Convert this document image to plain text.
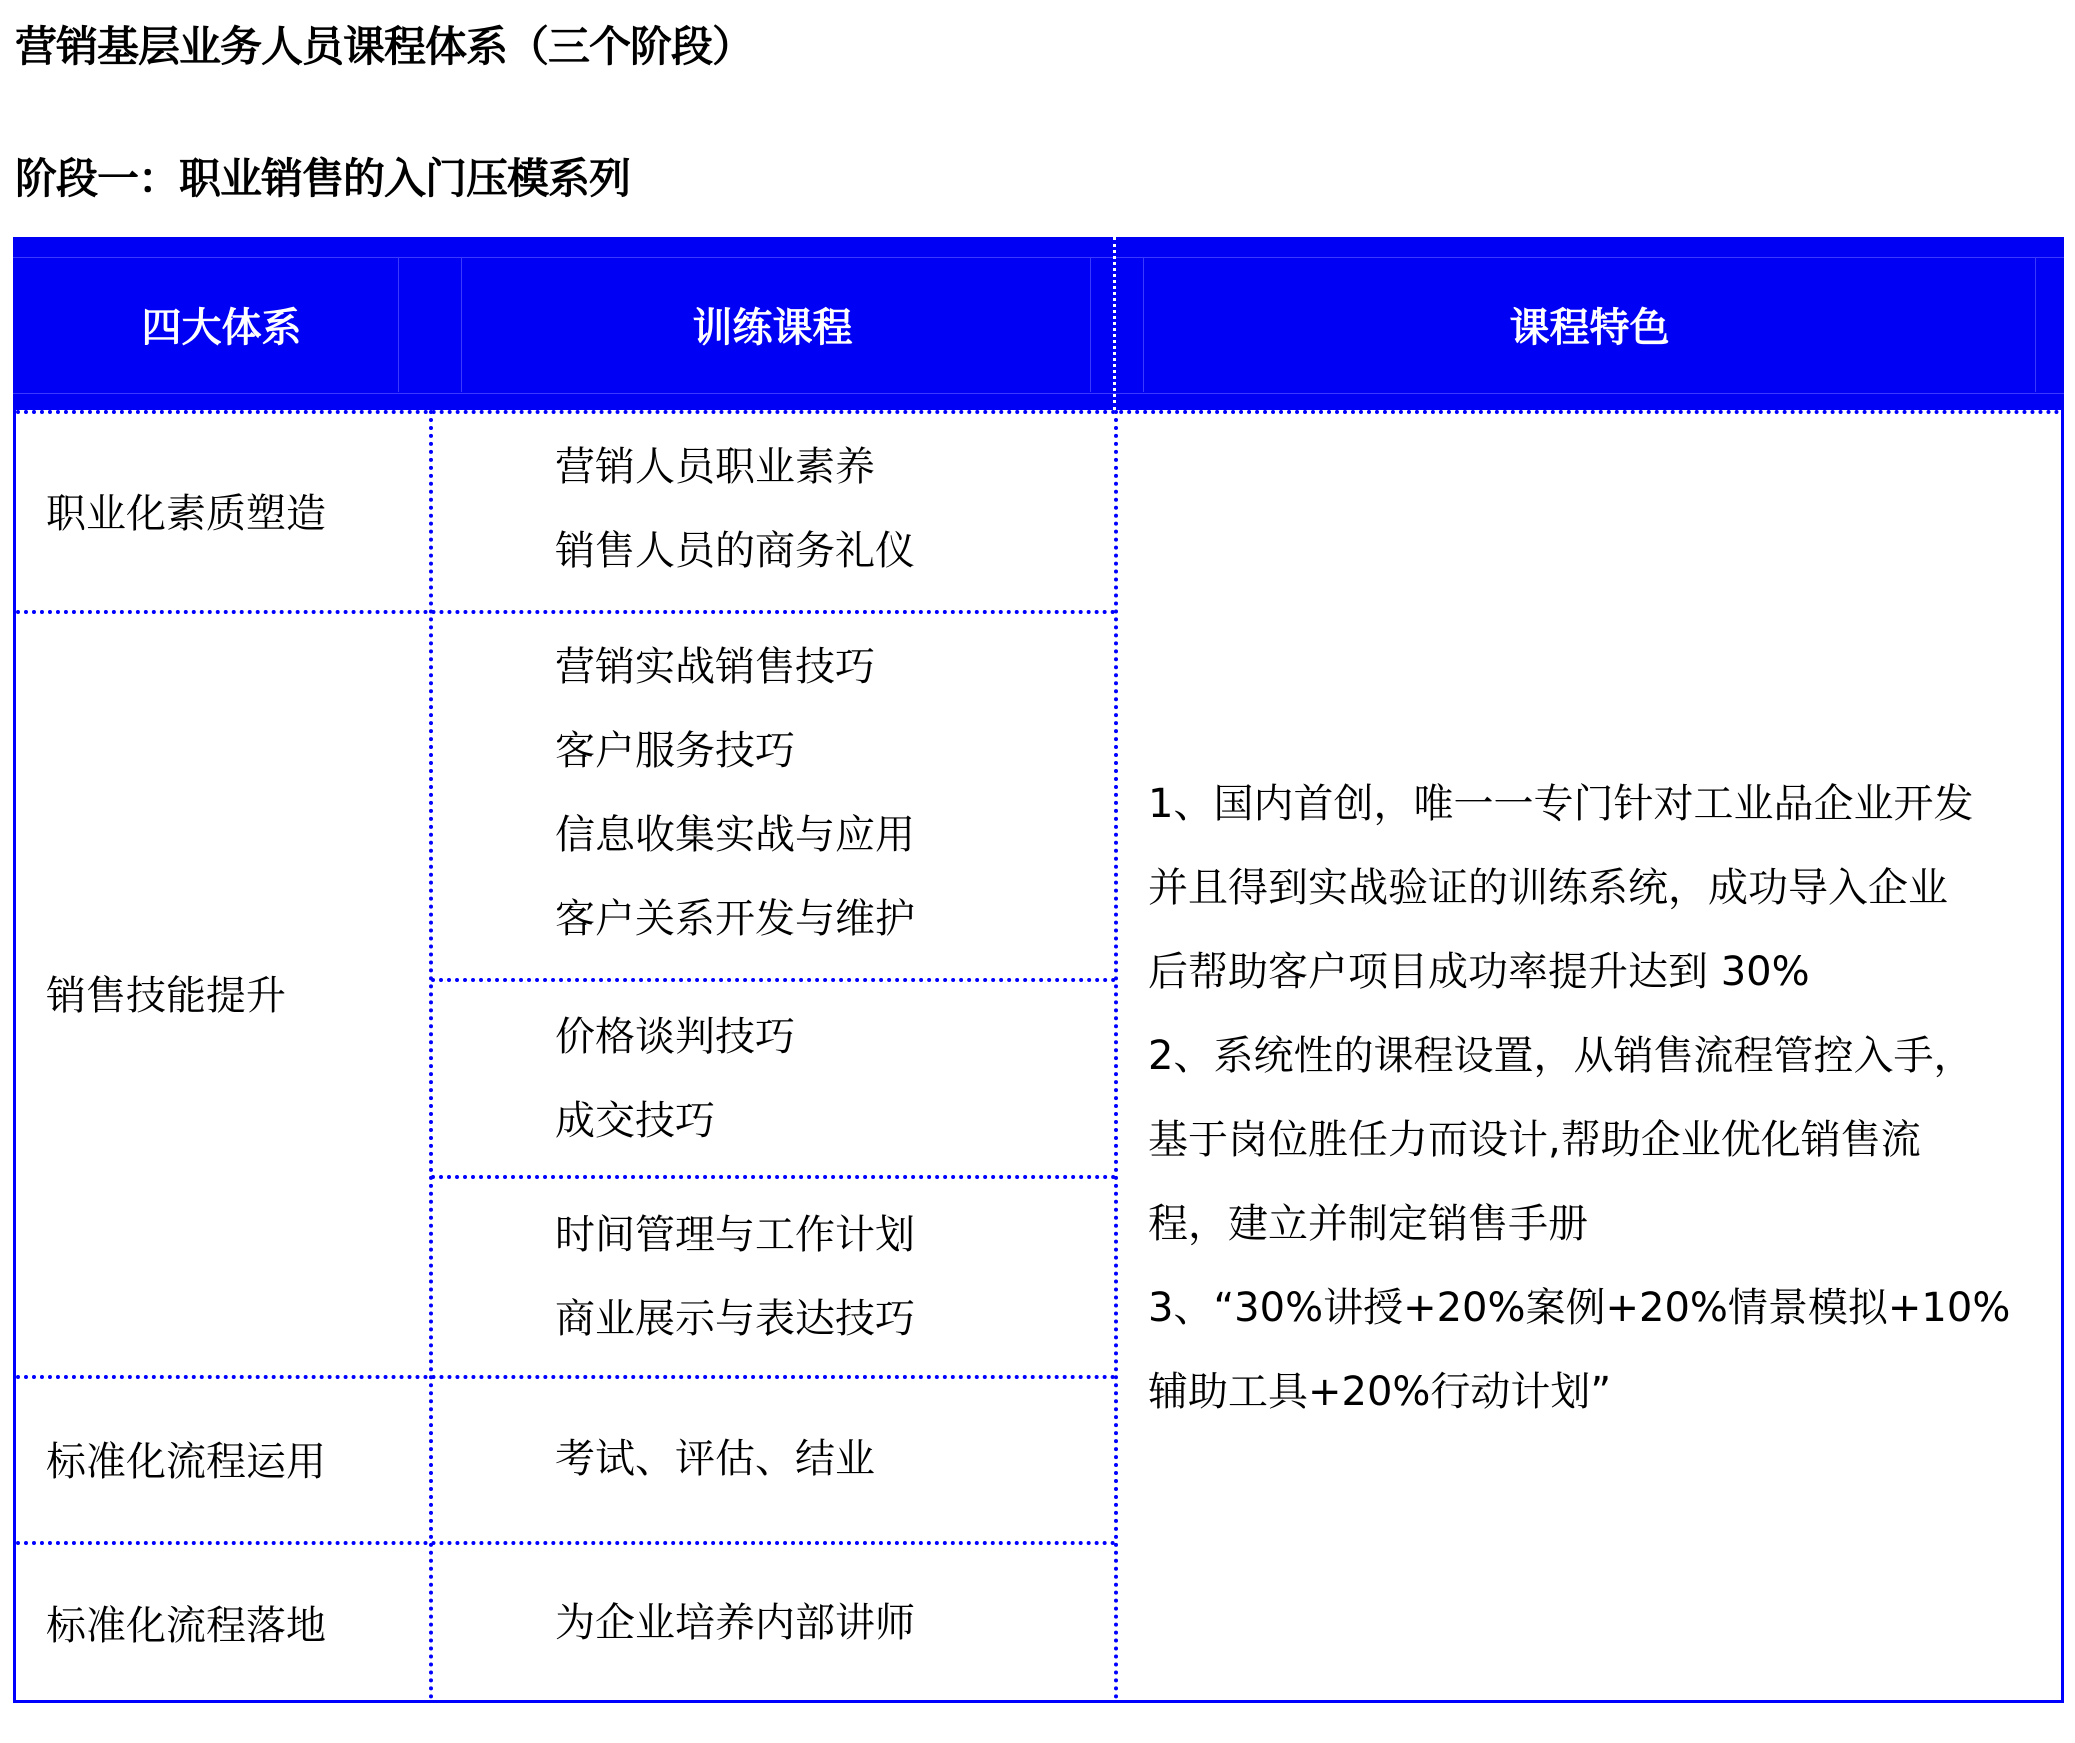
营销基层业务人员课程体系（三个阶段）
阶段一：职业销售的入门压模系列
四大体系	训练课程	课程特色
职业化素质塑造
销售技能提升
标准化流程运用
标准化流程落地
营销人员职业素养
销售人员的商务礼仪
营销实战销售技巧
客户服务技巧
信息收集实战与应用
客户关系开发与维护
价格谈判技巧
成交技巧
时间管理与工作计划
商业展示与表达技巧
考试、评估、结业
为企业培养内部讲师
1、国内首创，唯一一专门针对工业品企业开发
并且得到实战验证的训练系统，成功导入企业
后帮助客户项目成功率提升达到 30%
2、系统性的课程设置，从销售流程管控入手，
基于岗位胜任力而设计,帮助企业优化销售流
程，建立并制定销售手册
3、“30%讲授+20%案例+20%情景模拟+10%
辅助工具+20%行动计划”
